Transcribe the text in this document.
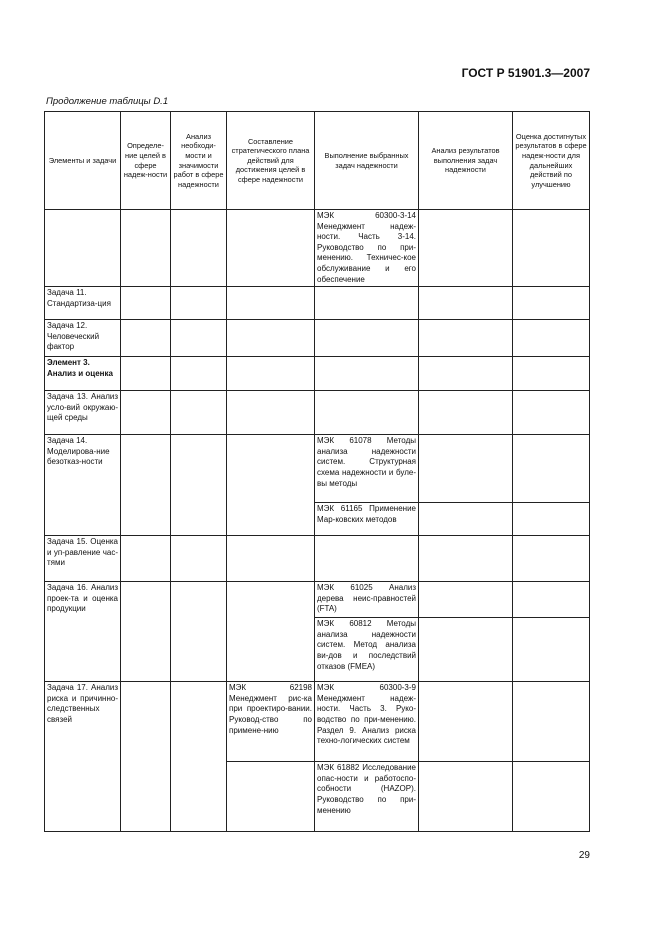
ГОСТ Р 51901.3—2007
Продолжение таблицы D.1
Элементы и задачи	Определе-ние целей в сфере надеж-ности	Анализ необходи-мости и значимости работ в сфере надежности	Составление стратегического плана действий для достижения целей в сфере надежности	Выполнение выбранных задач надежности	Анализ результатов выполнения задач надежности	Оценка достигнутых результатов в сфере надеж-ности для дальнейших действий по улучшению
				МЭК 60300-3-14 Менеджмент надеж-ности. Часть 3-14. Руководство по при-менению. Техничес-кое обслуживание и его обеспечение		
Задача 11. Стандартиза-ция						
Задача 12. Человеческий фактор						
Элемент 3. Анализ и оценка						
Задача 13. Анализ усло-вий окружаю-щей среды						
Задача 14. Моделирова-ние безотказ-ности				МЭК 61078 Методы анализа надежности систем. Структурная схема надежности и буле-вы методы		
				МЭК 61165 Применение Мар-ковских методов		
Задача 15. Оценка и уп-равление час-тями						
Задача 16. Анализ проек-та и оценка продукции				МЭК 61025 Анализ дерева неис-правностей (FTA)		
				МЭК 60812 Методы анализа надежности систем. Метод анализа ви-дов и последствий отказов (FMEA)		
Задача 17. Анализ риска и причинно-следственных связей			МЭК 62198 Менеджмент рис-ка при проектиро-вании. Руковод-ство по примене-нию	МЭК 60300-3-9 Менеджмент надеж-ности. Часть 3. Руко-водство по при-менению. Раздел 9. Анализ риска техно-логических систем		
				МЭК 61882 Исследование опас-ности и работоспо-собности (HAZOP). Руководство по при-менению		
29
